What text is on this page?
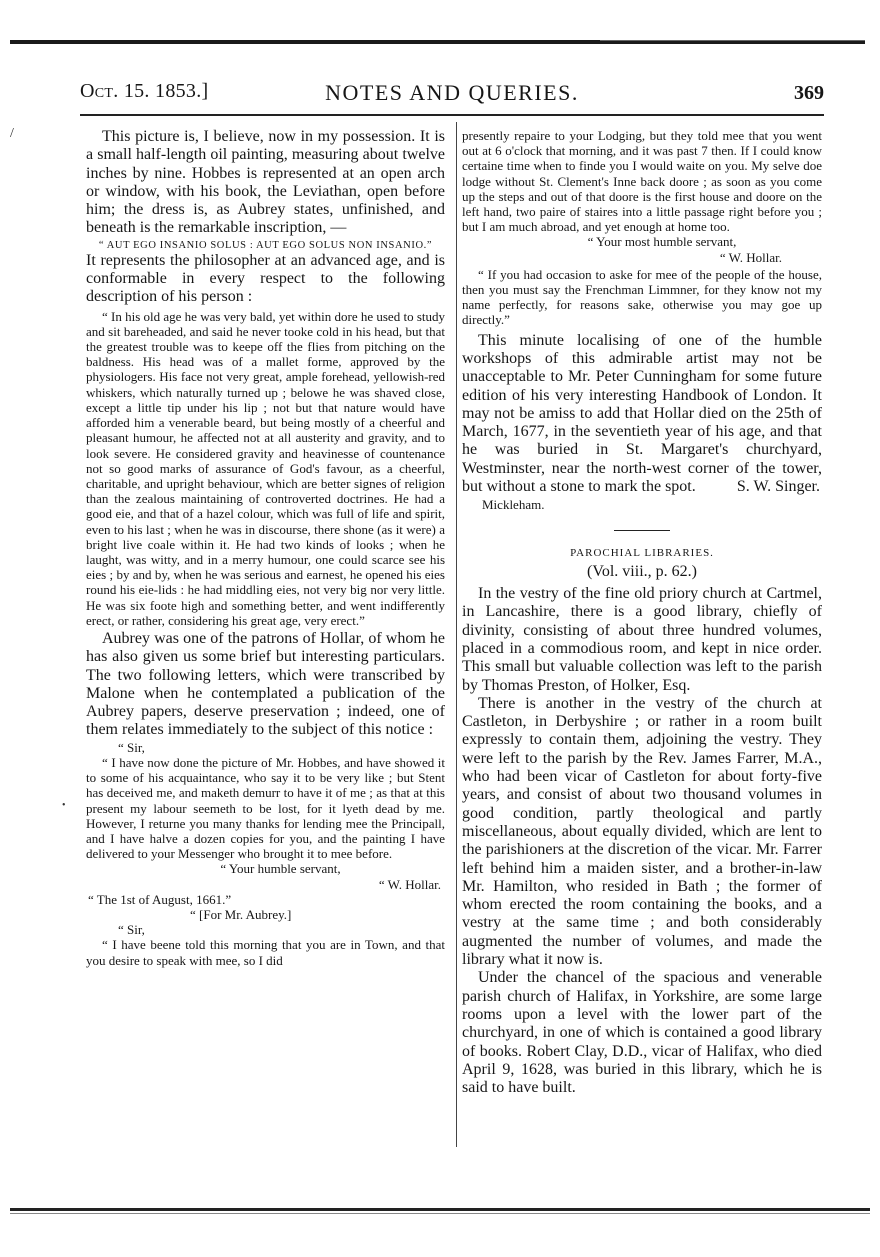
Oct. 15. 1853.]	NOTES AND QUERIES.	369
/
•

This picture is, I believe, now in my possession. It is a small half-length oil painting, measuring about twelve inches by nine. Hobbes is represented at an open arch or window, with his book, the Leviathan, open before him; the dress is, as Aubrey states, unfinished, and beneath is the remarkable inscription, —

“ AUT EGO INSANIO SOLUS : AUT EGO SOLUS NON INSANIO.”

It represents the philosopher at an advanced age, and is conformable in every respect to the following description of his person :

“ In his old age he was very bald, yet within dore he used to study and sit bareheaded, and said he never tooke cold in his head, but that the greatest trouble was to keepe off the flies from pitching on the baldness. His head was of a mallet forme, approved by the physiologers. His face not very great, ample forehead, yellowish-red whiskers, which naturally turned up ; belowe he was shaved close, except a little tip under his lip ; not but that nature would have afforded him a venerable beard, but being mostly of a cheerful and pleasant humour, he affected not at all austerity and gravity, and to look severe. He considered gravity and heavinesse of countenance not so good marks of assurance of God's favour, as a cheerful, charitable, and upright behaviour, which are better signes of religion than the zealous maintaining of controverted doctrines. He had a good eie, and that of a hazel colour, which was full of life and spirit, even to his last ; when he was in discourse, there shone (as it were) a bright live coale within it. He had two kinds of looks ; when he laught, was witty, and in a merry humour, one could scarce see his eies ; by and by, when he was serious and earnest, he opened his eies round his eie-lids : he had middling eies, not very big nor very little. He was six foote high and something better, and went indifferently erect, or rather, considering his great age, very erect.”

Aubrey was one of the patrons of Hollar, of whom he has also given us some brief but interesting particulars. The two following letters, which were transcribed by Malone when he contemplated a publication of the Aubrey papers, deserve preservation ; indeed, one of them relates immediately to the subject of this notice :

“ Sir,

“ I have now done the picture of Mr. Hobbes, and have showed it to some of his acquaintance, who say it to be very like ; but Stent has deceived me, and maketh demurr to have it of me ; as that at this present my labour seemeth to be lost, for it lyeth dead by me. However, I returne you many thanks for lending mee the Principall, and I have halve a dozen copies for you, and the painting I have delivered to your Messenger who brought it to mee before.

“ Your humble servant,

“ W. Hollar.

“ The 1st of August, 1661.”

“ [For Mr. Aubrey.]

“ Sir,

“ I have beene told this morning that you are in Town, and that you desire to speak with mee, so I did

presently repaire to your Lodging, but they told mee that you went out at 6 o'clock that morning, and it was past 7 then. If I could know certaine time when to finde you I would waite on you. My selve doe lodge without St. Clement's Inne back doore ; as soon as you come up the steps and out of that doore is the first house and doore on the left hand, two paire of staires into a little passage right before you ; but I am much abroad, and yet enough at home too.

“ Your most humble servant,

“ W. Hollar.

“ If you had occasion to aske for mee of the people of the house, then you must say the Frenchman Limmner, for they know not my name perfectly, for reasons sake, otherwise you may goe up directly.”

This minute localising of one of the humble workshops of this admirable artist may not be unacceptable to Mr. Peter Cunningham for some future edition of his very interesting Handbook of London. It may not be amiss to add that Hollar died on the 25th of March, 1677, in the seventieth year of his age, and that he was buried in St. Margaret's churchyard, Westminster, near the north-west corner of the tower, but without a stone to mark the spot.	S. W. Singer.

Mickleham.

PAROCHIAL LIBRARIES.

(Vol. viii., p. 62.)

In the vestry of the fine old priory church at Cartmel, in Lancashire, there is a good library, chiefly of divinity, consisting of about three hundred volumes, placed in a commodious room, and kept in nice order. This small but valuable collection was left to the parish by Thomas Preston, of Holker, Esq.

There is another in the vestry of the church at Castleton, in Derbyshire ; or rather in a room built expressly to contain them, adjoining the vestry. They were left to the parish by the Rev. James Farrer, M.A., who had been vicar of Castleton for about forty-five years, and consist of about two thousand volumes in good condition, partly theological and partly miscellaneous, about equally divided, which are lent to the parishioners at the discretion of the vicar. Mr. Farrer left behind him a maiden sister, and a brother-in-law Mr. Hamilton, who resided in Bath ; the former of whom erected the room containing the books, and a vestry at the same time ; and both considerably augmented the number of volumes, and made the library what it now is.

Under the chancel of the spacious and venerable parish church of Halifax, in Yorkshire, are some large rooms upon a level with the lower part of the churchyard, in one of which is contained a good library of books. Robert Clay, D.D., vicar of Halifax, who died April 9, 1628, was buried in this library, which he is said to have built.
